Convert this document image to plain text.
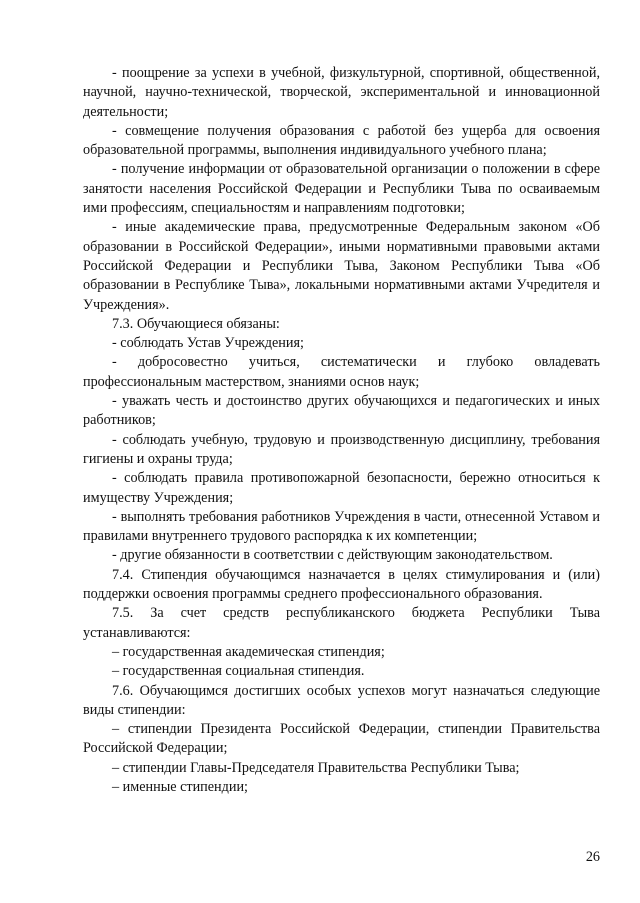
- поощрение за успехи в учебной, физкультурной, спортивной, общественной, научной, научно-технической, творческой, экспериментальной и инновационной деятельности;

- совмещение получения образования с работой без ущерба для освоения образовательной программы, выполнения индивидуального учебного плана;

- получение информации от образовательной организации о положении в сфере занятости населения Российской Федерации и Республики Тыва по осваиваемым ими профессиям, специальностям и направлениям подготовки;

- иные академические права, предусмотренные Федеральным законом «Об образовании в Российской Федерации», иными нормативными правовыми актами Российской Федерации и Республики Тыва, Законом Республики Тыва «Об образовании в Республике Тыва», локальными нормативными актами Учредителя и Учреждения».

7.3. Обучающиеся обязаны:

- соблюдать Устав Учреждения;

- добросовестно учиться, систематически и глубоко овладевать профессиональным мастерством, знаниями основ наук;

- уважать честь и достоинство других обучающихся и педагогических и иных работников;

- соблюдать учебную, трудовую и производственную дисциплину, требования гигиены и охраны труда;

- соблюдать правила противопожарной безопасности, бережно относиться к имуществу Учреждения;

- выполнять требования работников Учреждения в части, отнесенной Уставом и правилами внутреннего трудового распорядка к их компетенции;

- другие обязанности в соответствии с действующим законодательством.

7.4. Стипендия обучающимся назначается в целях стимулирования и (или) поддержки освоения программы среднего профессионального образования.

7.5. За счет средств республиканского бюджета Республики Тыва устанавливаются:

– государственная академическая стипендия;

– государственная социальная стипендия.

7.6. Обучающимся достигших особых успехов могут назначаться следующие виды стипендии:

– стипендии Президента Российской Федерации, стипендии Правительства Российской Федерации;

– стипендии Главы-Председателя Правительства Республики Тыва;

– именные стипендии;

26
